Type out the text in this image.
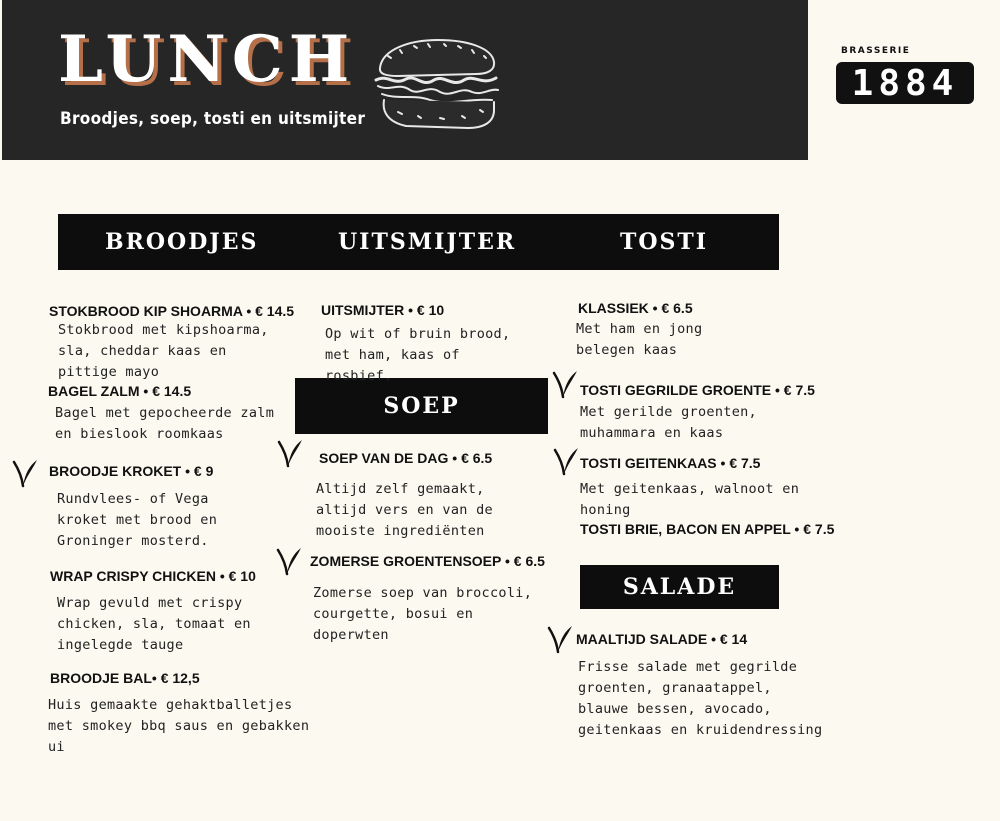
LUNCH
Broodjes, soep, tosti en uitsmijter
BRASSERIE
1884
BROODJES	UITSMIJTER	TOSTI
SOEP
SALADE
STOKBROOD KIP SHOARMA • € 14.5
Stokbrood met kipshoarma, sla, cheddar kaas en pittige mayo
BAGEL ZALM • € 14.5
Bagel met gepocheerde zalm en bieslook roomkaas
BROODJE KROKET • € 9
Rundvlees- of Vega kroket met brood en Groninger mosterd.
WRAP CRISPY CHICKEN • € 10
Wrap gevuld met crispy chicken, sla, tomaat en ingelegde tauge
BROODJE BAL• € 12,5
Huis gemaakte gehaktballetjes met smokey bbq saus en gebakken ui
UITSMIJTER • € 10
Op wit of bruin brood, met ham, kaas of rosbief.
SOEP VAN DE DAG • € 6.5
Altijd zelf gemaakt, altijd vers en van de mooiste ingrediënten
ZOMERSE GROENTENSOEP • € 6.5
Zomerse soep van broccoli, courgette, bosui en doperwten
KLASSIEK • € 6.5
Met ham en jong belegen kaas
TOSTI GEGRILDE GROENTE • € 7.5
Met gerilde groenten, muhammara en kaas
TOSTI GEITENKAAS • € 7.5
Met geitenkaas, walnoot en honing
TOSTI BRIE, BACON EN APPEL • € 7.5
MAALTIJD SALADE • € 14
Frisse salade met gegrilde groenten, granaatappel, blauwe bessen, avocado, geitenkaas en kruidendressing
